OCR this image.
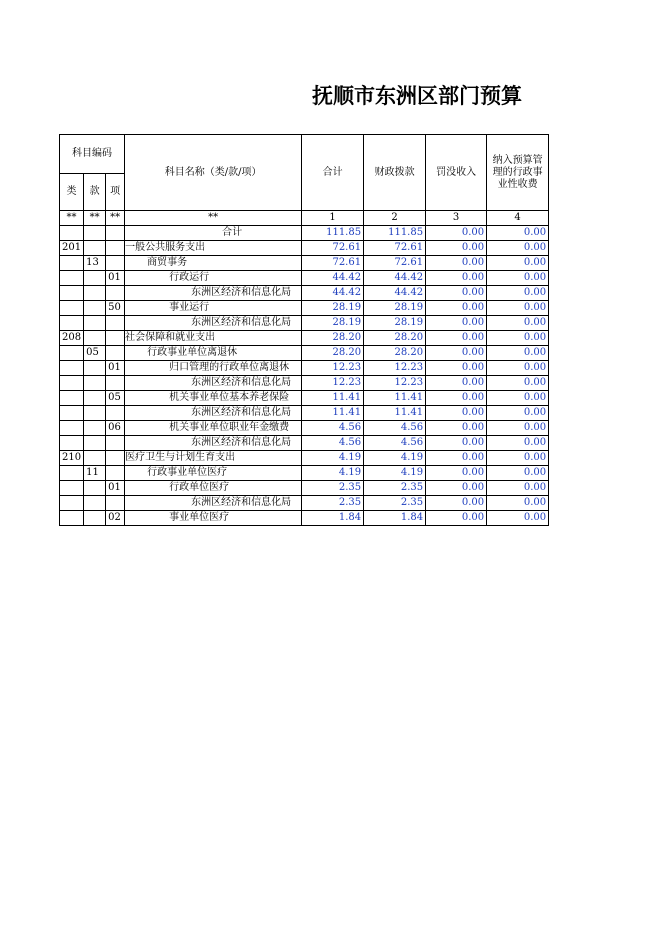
抚顺市东洲区部门预算
科目编码			科目名称（类/款/项）	合计	财政拨款	罚没收入	纳入预算管理的行政事业性收费
类	款	项					
**	**	**	**	1	2	3	4
			合计	111.85	111.85	0.00	0.00
201			一般公共服务支出	72.61	72.61	0.00	0.00
	13		商贸事务	72.61	72.61	0.00	0.00
		01	行政运行	44.42	44.42	0.00	0.00
			东洲区经济和信息化局	44.42	44.42	0.00	0.00
		50	事业运行	28.19	28.19	0.00	0.00
			东洲区经济和信息化局	28.19	28.19	0.00	0.00
208			社会保障和就业支出	28.20	28.20	0.00	0.00
	05		行政事业单位离退休	28.20	28.20	0.00	0.00
		01	归口管理的行政单位离退休	12.23	12.23	0.00	0.00
			东洲区经济和信息化局	12.23	12.23	0.00	0.00
		05	机关事业单位基本养老保险	11.41	11.41	0.00	0.00
			东洲区经济和信息化局	11.41	11.41	0.00	0.00
		06	机关事业单位职业年金缴费	4.56	4.56	0.00	0.00
			东洲区经济和信息化局	4.56	4.56	0.00	0.00
210			医疗卫生与计划生育支出	4.19	4.19	0.00	0.00
	11		行政事业单位医疗	4.19	4.19	0.00	0.00
		01	行政单位医疗	2.35	2.35	0.00	0.00
			东洲区经济和信息化局	2.35	2.35	0.00	0.00
		02	事业单位医疗	1.84	1.84	0.00	0.00
